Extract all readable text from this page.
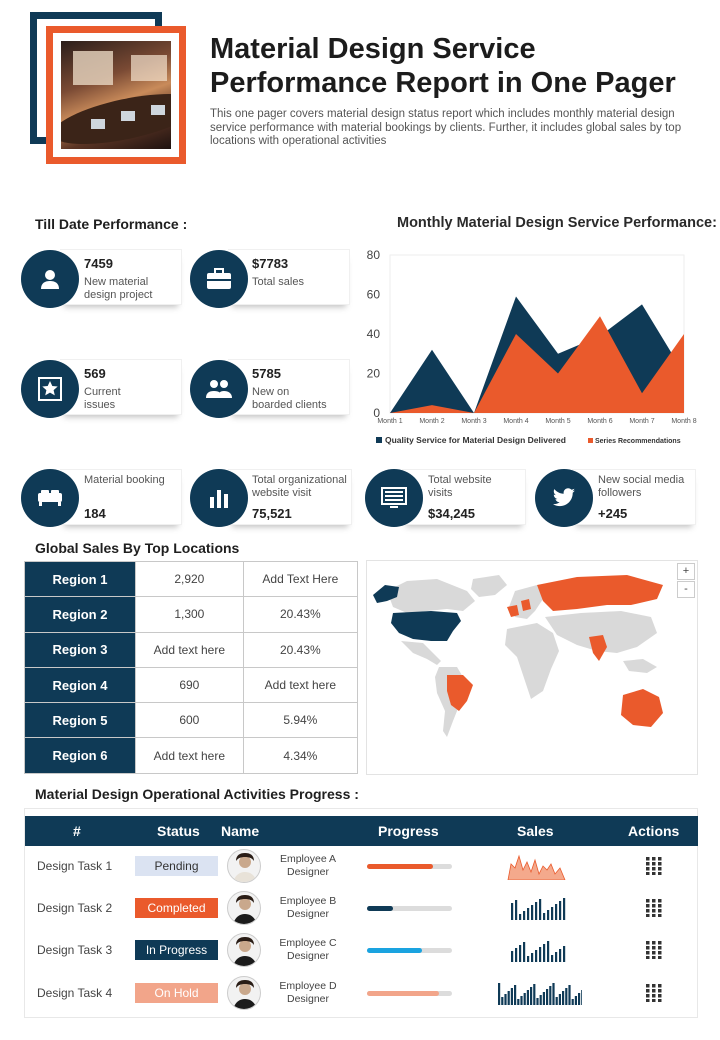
Material Design Service Performance Report in One Pager
This one pager covers material design status report which includes monthly material design service performance with material bookings by clients. Further, it includes global sales by top locations with operational activities
Till Date Performance :
7459
New material design project
$7783
Total sales
569
Current issues
5785
New on boarded clients
Monthly Material Design Service Performance:
0
20
40
60
80
Month 1 Month 2 Month 3 Month 4 Month 5 Month 6 Month 7 Month 8
Quality Service for Material Design Delivered	Series Recommendations
Material booking
184
Total organizational website visit
75,521
Total website visits
$34,245
New social media followers
+245
Global Sales By Top Locations
Region 1	2,920	Add Text Here
Region 2	1,300	20.43%
Region 3	Add text here	20.43%
Region 4	690	Add text here
Region 5	600	5.94%
Region 6	Add text here	4.34%
+
-
Material Design Operational Activities Progress :
#	Status Name	Progress	Sales	Actions
Design Task 1	Pending	Employee A
Designer
Design Task 2	Completed	Employee B
Designer
Design Task 3	In Progress	Employee C
Designer
Design Task 4	On Hold	Employee D
Designer
